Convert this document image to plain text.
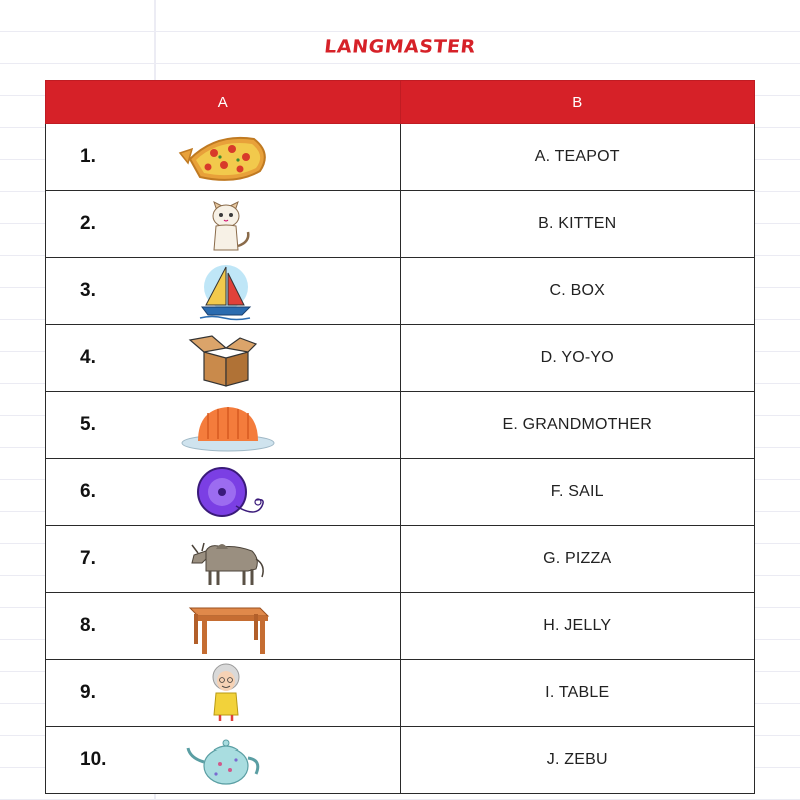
LANGMASTER
A	B

1.	A. TEAPOT

2.	B. KITTEN

3.	C. BOX

4.	D. YO-YO

5.	E. GRANDMOTHER

6.	F. SAIL

7.	G. PIZZA

8.	H. JELLY

9.	I. TABLE

10.	J. ZEBU
